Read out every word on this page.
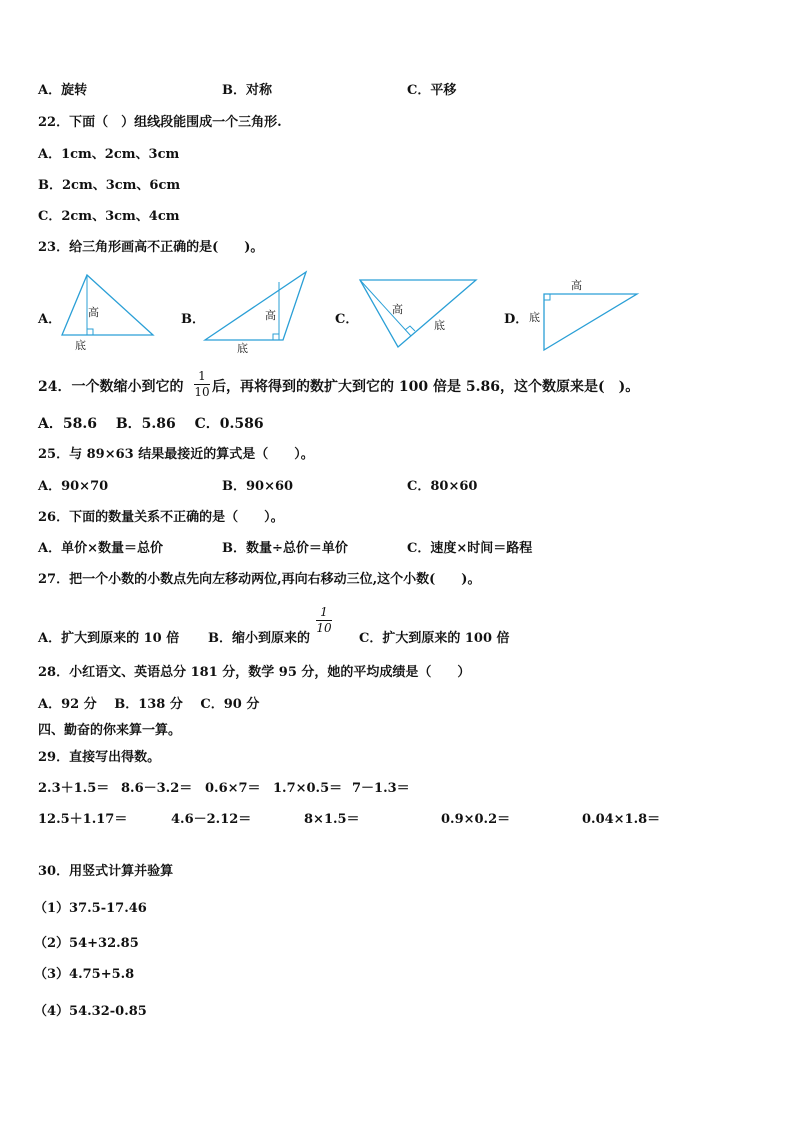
A．旋转	B．对称	C．平移
22．下面（　）组线段能围成一个三角形.
A．1cm、2cm、3cm
B．2cm、3cm、6cm
C．2cm、3cm、4cm
23．给三角形画高不正确的是(　　)。
A． 高
底
B．	高
底
C．
高
底	D．
高
底
24．一个数缩小到它的
1
10 后，再将得到的数扩大到它的 100 倍是 5.86，这个数原来是(　)。
A．58.6　 B．5.86　 C．0.586
25．与 89×63 结果最接近的算式是（　　）。
A．90×70	B．90×60	C．80×60
26．下面的数量关系不正确的是（　　）。
A．单价×数量＝总价	B．数量÷总价＝单价	C．速度×时间＝路程
27．把一个小数的小数点先向左移动两位,再向右移动三位,这个小数(　　)。
A．扩大到原来的 10 倍 B．缩小到原来的
1
10
C．扩大到原来的 100 倍
28．小红语文、英语总分 181 分，数学 95 分，她的平均成绩是（　　）
A．92 分　 B．138 分　 C．90 分
四、勤奋的你来算一算。
29．直接写出得数。
2.3＋1.5＝ 8.6－3.2＝ 0.6×7＝ 1.7×0.5＝ 7－1.3＝
12.5＋1.17＝	4.6－2.12＝	8×1.5＝	0.9×0.2＝	0.04×1.8＝
30．用竖式计算并验算
（1）37.5-17.46
（2）54+32.85
（3）4.75+5.8
（4）54.32-0.85
